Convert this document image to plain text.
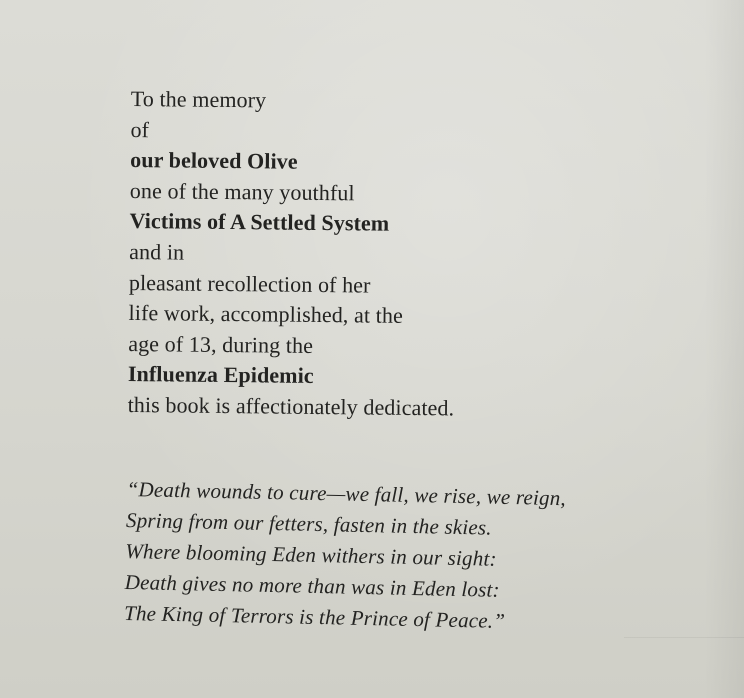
To the memory
of
our beloved Olive
one of the many youthful
Victims of A Settled System
and in
pleasant recollection of her
life work, accomplished, at the
age of 13, during the
Influenza Epidemic
this book is affectionately dedicated.
“Death wounds to cure—we fall, we rise, we reign,
Spring from our fetters, fasten in the skies.
Where blooming Eden withers in our sight:
Death gives no more than was in Eden lost:
The King of Terrors is the Prince of Peace.”
